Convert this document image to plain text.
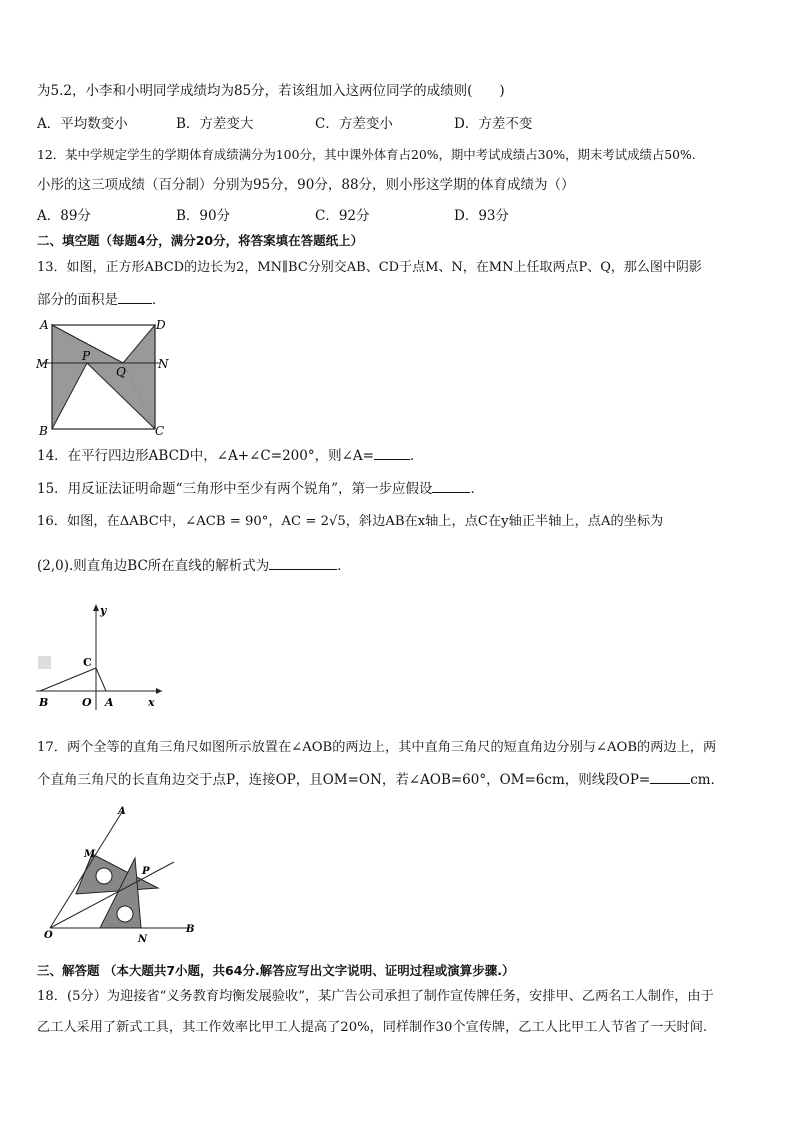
为5.2，小李和小明同学成绩均为85分，若该组加入这两位同学的成绩则(　　)
A．平均数变小	B．方差变大	C．方差变小	D．方差不变
12．某中学规定学生的学期体育成绩满分为100分，其中课外体育占20%，期中考试成绩占30%，期末考试成绩占50%.
小彤的这三项成绩（百分制）分别为95分，90分，88分，则小彤这学期的体育成绩为（）
A．89分	B．90分	C．92分	D．93分
二、填空题（每题4分，满分20分，将答案填在答题纸上）
13．如图，正方形ABCD的边长为2，MN∥BC分别交AB、CD于点M、N，在MN上任取两点P、Q，那么图中阴影
部分的面积是	．
A	D
M	N
P
Q
B	C
14．在平行四边形ABCD中，∠A+∠C=200°，则∠A=	．
15．用反证法证明命题“三角形中至少有两个锐角”，第一步应假设	．
16．如图，在ΔABC中，∠ACB = 90°，AC = 2√5，斜边AB在x轴上，点C在y轴正半轴上，点A的坐标为
(2,0).则直角边BC所在直线的解析式为	．
y
x
C
B	O A
17．两个全等的直角三角尺如图所示放置在∠AOB的两边上，其中直角三角尺的短直角边分别与∠AOB的两边上，两
个直角三角尺的长直角边交于点P，连接OP，且OM=ON，若∠AOB=60°，OM=6cm，则线段OP=	cm．
A
M
P
O	N
B
三、解答题 （本大题共7小题，共64分.解答应写出文字说明、证明过程或演算步骤.）
18．(5分）为迎接省“义务教育均衡发展验收”，某广告公司承担了制作宣传牌任务，安排甲、乙两名工人制作，由于
乙工人采用了新式工具，其工作效率比甲工人提高了20%，同样制作30个宣传牌，乙工人比甲工人节省了一天时间.
